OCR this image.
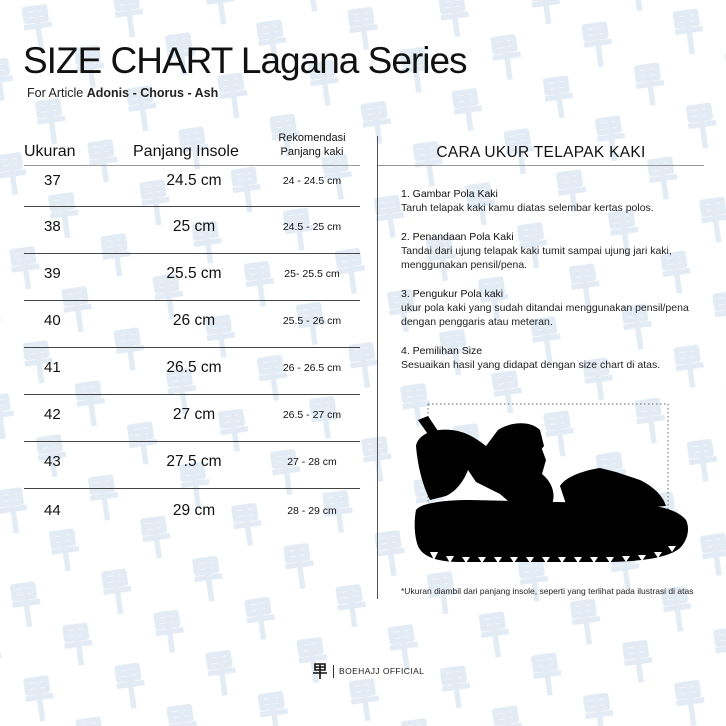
SIZE CHART Lagana Series
For Article Adonis - Chorus - Ash
Ukuran	Panjang Insole
Rekomendasi
Panjang kaki
37	24.5 cm	24 - 24.5 cm
38	25 cm	24.5 - 25 cm
39	25.5 cm	25- 25.5 cm
40	26 cm	25.5 - 26 cm
41	26.5 cm	26 - 26.5 cm
42	27 cm	26.5 - 27 cm
43	27.5 cm	27 - 28 cm
44	29 cm	28 - 29 cm
CARA UKUR TELAPAK KAKI
1. Gambar Pola Kaki
Taruh telapak kaki kamu diatas selembar kertas polos.
2. Penandaan Pola Kaki
Tandai dari ujung telapak kaki tumit sampai ujung jari kaki, menggunakan pensil/pena.
3. Pengukur Pola kaki
ukur pola kaki yang sudah ditandai menggunakan pensil/pena dengan penggaris atau meteran.
4. Pemilihan Size
Sesuaikan hasil yang didapat dengan size chart di atas.
*Ukuran diambil dari panjang insole, seperti yang terlihat pada ilustrasi di atas
BOEHAJJ OFFICIAL
